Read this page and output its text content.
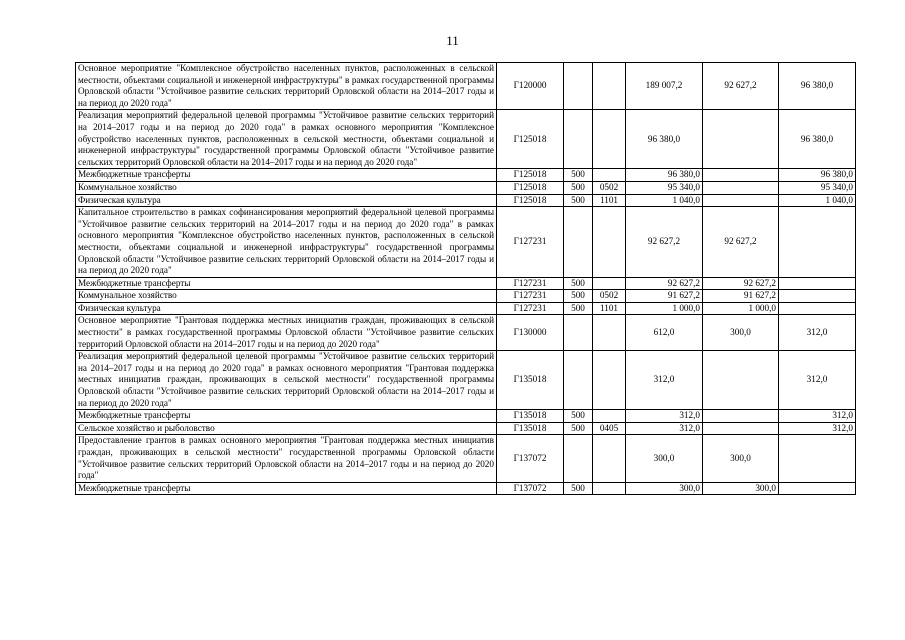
11
Основное мероприятие "Комплексное обустройство населенных пунктов, расположенных в сельской местности, объектами социальной и инженерной инфраструктуры" в рамках государственной программы Орловской области "Устойчивое развитие сельских территорий Орловской области на 2014–2017 годы и на период до 2020 года"	Г120000			189 007,2	92 627,2	96 380,0
Реализация мероприятий федеральной целевой программы "Устойчивое развитие сельских территорий на 2014–2017 годы и на период до 2020 года" в рамках основного мероприятия "Комплексное обустройство населенных пунктов, расположенных в сельской местности, объектами социальной и инженерной инфраструктуры" государственной программы Орловской области "Устойчивое развитие сельских территорий Орловской области на 2014–2017 годы и на период до 2020 года"	Г125018			96 380,0		96 380,0
Межбюджетные трансферты	Г125018	500		96 380,0		96 380,0
Коммунальное хозяйство	Г125018	500	0502	95 340,0		95 340,0
Физическая культура	Г125018	500	1101	1 040,0		1 040,0
Капитальное строительство в рамках софинансирования мероприятий федеральной целевой программы "Устойчивое развитие сельских территорий на 2014–2017 годы и на период до 2020 года" в рамках основного мероприятия "Комплексное обустройство населенных пунктов, расположенных в сельской местности, объектами социальной и инженерной инфраструктуры" государственной программы Орловской области "Устойчивое развитие сельских территорий Орловской области на 2014–2017 годы и на период до 2020 года"	Г127231			92 627,2	92 627,2	
Межбюджетные трансферты	Г127231	500		92 627,2	92 627,2	
Коммунальное хозяйство	Г127231	500	0502	91 627,2	91 627,2	
Физическая культура	Г127231	500	1101	1 000,0	1 000,0	
Основное мероприятие "Грантовая поддержка местных инициатив граждан, проживающих в сельской местности" в рамках государственной программы Орловской области "Устойчивое развитие сельских территорий Орловской области на 2014–2017 годы и на период до 2020 года"	Г130000			612,0	300,0	312,0
Реализация мероприятий федеральной целевой программы "Устойчивое развитие сельских территорий на 2014–2017 годы и на период до 2020 года" в рамках основного мероприятия "Грантовая поддержка местных инициатив граждан, проживающих в сельской местности" государственной программы Орловской области "Устойчивое развитие сельских территорий Орловской области на 2014–2017 годы и на период до 2020 года"	Г135018			312,0		312,0
Межбюджетные трансферты	Г135018	500		312,0		312,0
Сельское хозяйство и рыболовство	Г135018	500	0405	312,0		312,0
Предоставление грантов в рамках основного мероприятия "Грантовая поддержка местных инициатив граждан, проживающих в сельской местности" государственной программы Орловской области "Устойчивое развитие сельских территорий Орловской области на 2014–2017 годы и на период до 2020 года"	Г137072			300,0	300,0	
Межбюджетные трансферты	Г137072	500		300,0	300,0	
